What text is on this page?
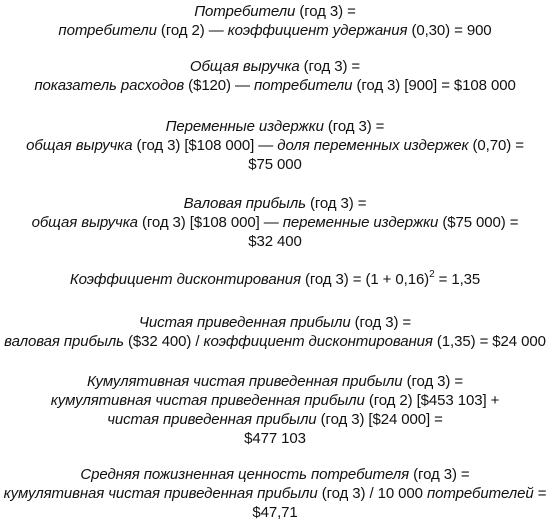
Потребители (год 3) =
потребители (год 2) — коэффициент удержания (0,30) = 900
Общая выручка (год 3) =
показатель расходов ($120) — потребители (год 3) [900] = $108 000
Переменные издержки (год 3) =
общая выручка (год 3) [$108 000] — доля переменных издержек (0,70) =
$75 000
Валовая прибыль (год 3) =
общая выручка (год 3) [$108 000] — переменные издержки ($75 000) =
$32 400
Коэффициент дисконтирования (год $3) = (1 + 0,16)^2 = 1,35$
Чистая приведенная прибыли (год 3) =
валовая прибыль ($32 400) / коэффициент дисконтирования (1,35) = $24 000
Кумулятивная чистая приведенная прибыли (год 3) =
кумулятивная чистая приведенная прибыли (год 2) [$453 103] +
чистая приведенная прибыли (год 3) [$24 000] =
$477 103
Средняя пожизненная ценность потребителя (год 3) =
кумулятивная чистая приведенная прибыли (год 3) / 10 000 потребителей =
$47,71
